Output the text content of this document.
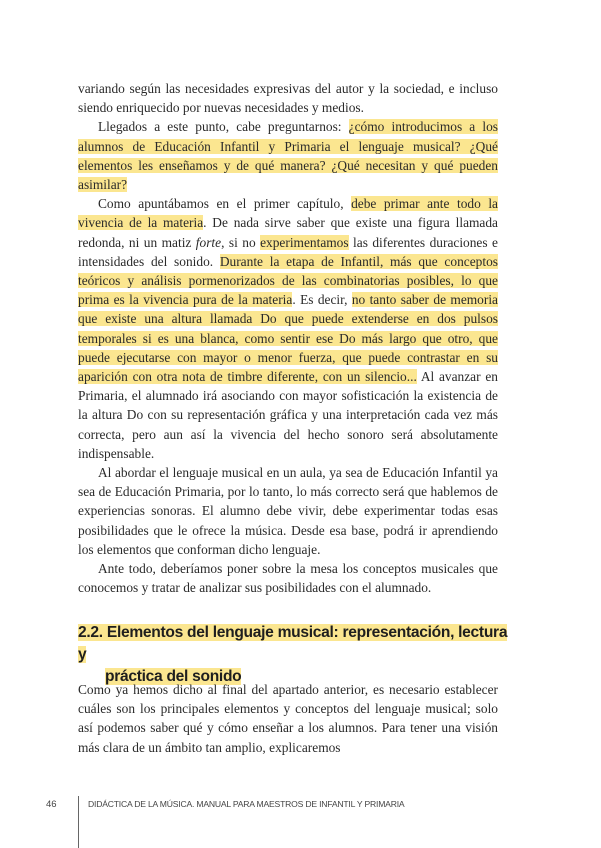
variando según las necesidades expresivas del autor y la sociedad, e incluso siendo enriquecido por nuevas necesidades y medios.

Llegados a este punto, cabe preguntarnos: ¿cómo introducimos a los alumnos de Educación Infantil y Primaria el lenguaje musical? ¿Qué elementos les enseñamos y de qué manera? ¿Qué necesitan y qué pueden asimilar?

Como apuntábamos en el primer capítulo, debe primar ante todo la vivencia de la materia. De nada sirve saber que existe una figura llamada redonda, ni un matiz forte, si no experimentamos las diferentes duraciones e intensidades del sonido. Durante la etapa de Infantil, más que conceptos teóricos y análisis pormenorizados de las combinatorias posibles, lo que prima es la vivencia pura de la materia. Es decir, no tanto saber de memoria que existe una altura llamada Do que puede extenderse en dos pulsos temporales si es una blanca, como sentir ese Do más largo que otro, que puede ejecutarse con mayor o menor fuerza, que puede contrastar en su aparición con otra nota de timbre diferente, con un silencio... Al avanzar en Primaria, el alumnado irá asociando con mayor sofisticación la existencia de la altura Do con su representación gráfica y una interpretación cada vez más correcta, pero aun así la vivencia del hecho sonoro será absolutamente indispensable.

Al abordar el lenguaje musical en un aula, ya sea de Educación Infantil ya sea de Educación Primaria, por lo tanto, lo más correcto será que hablemos de experiencias sonoras. El alumno debe vivir, debe experimentar todas esas posibilidades que le ofrece la música. Desde esa base, podrá ir aprendiendo los elementos que conforman dicho lenguaje.

Ante todo, deberíamos poner sobre la mesa los conceptos musicales que conocemos y tratar de analizar sus posibilidades con el alumnado.

2.2. Elementos del lenguaje musical: representación, lectura y
práctica del sonido

Como ya hemos dicho al final del apartado anterior, es necesario establecer cuáles son los principales elementos y conceptos del lenguaje musical; solo así podemos saber qué y cómo enseñar a los alumnos. Para tener una visión más clara de un ámbito tan amplio, explicaremos

46	DIDÁCTICA DE LA MÚSICA. MANUAL PARA MAESTROS DE INFANTIL Y PRIMARIA
